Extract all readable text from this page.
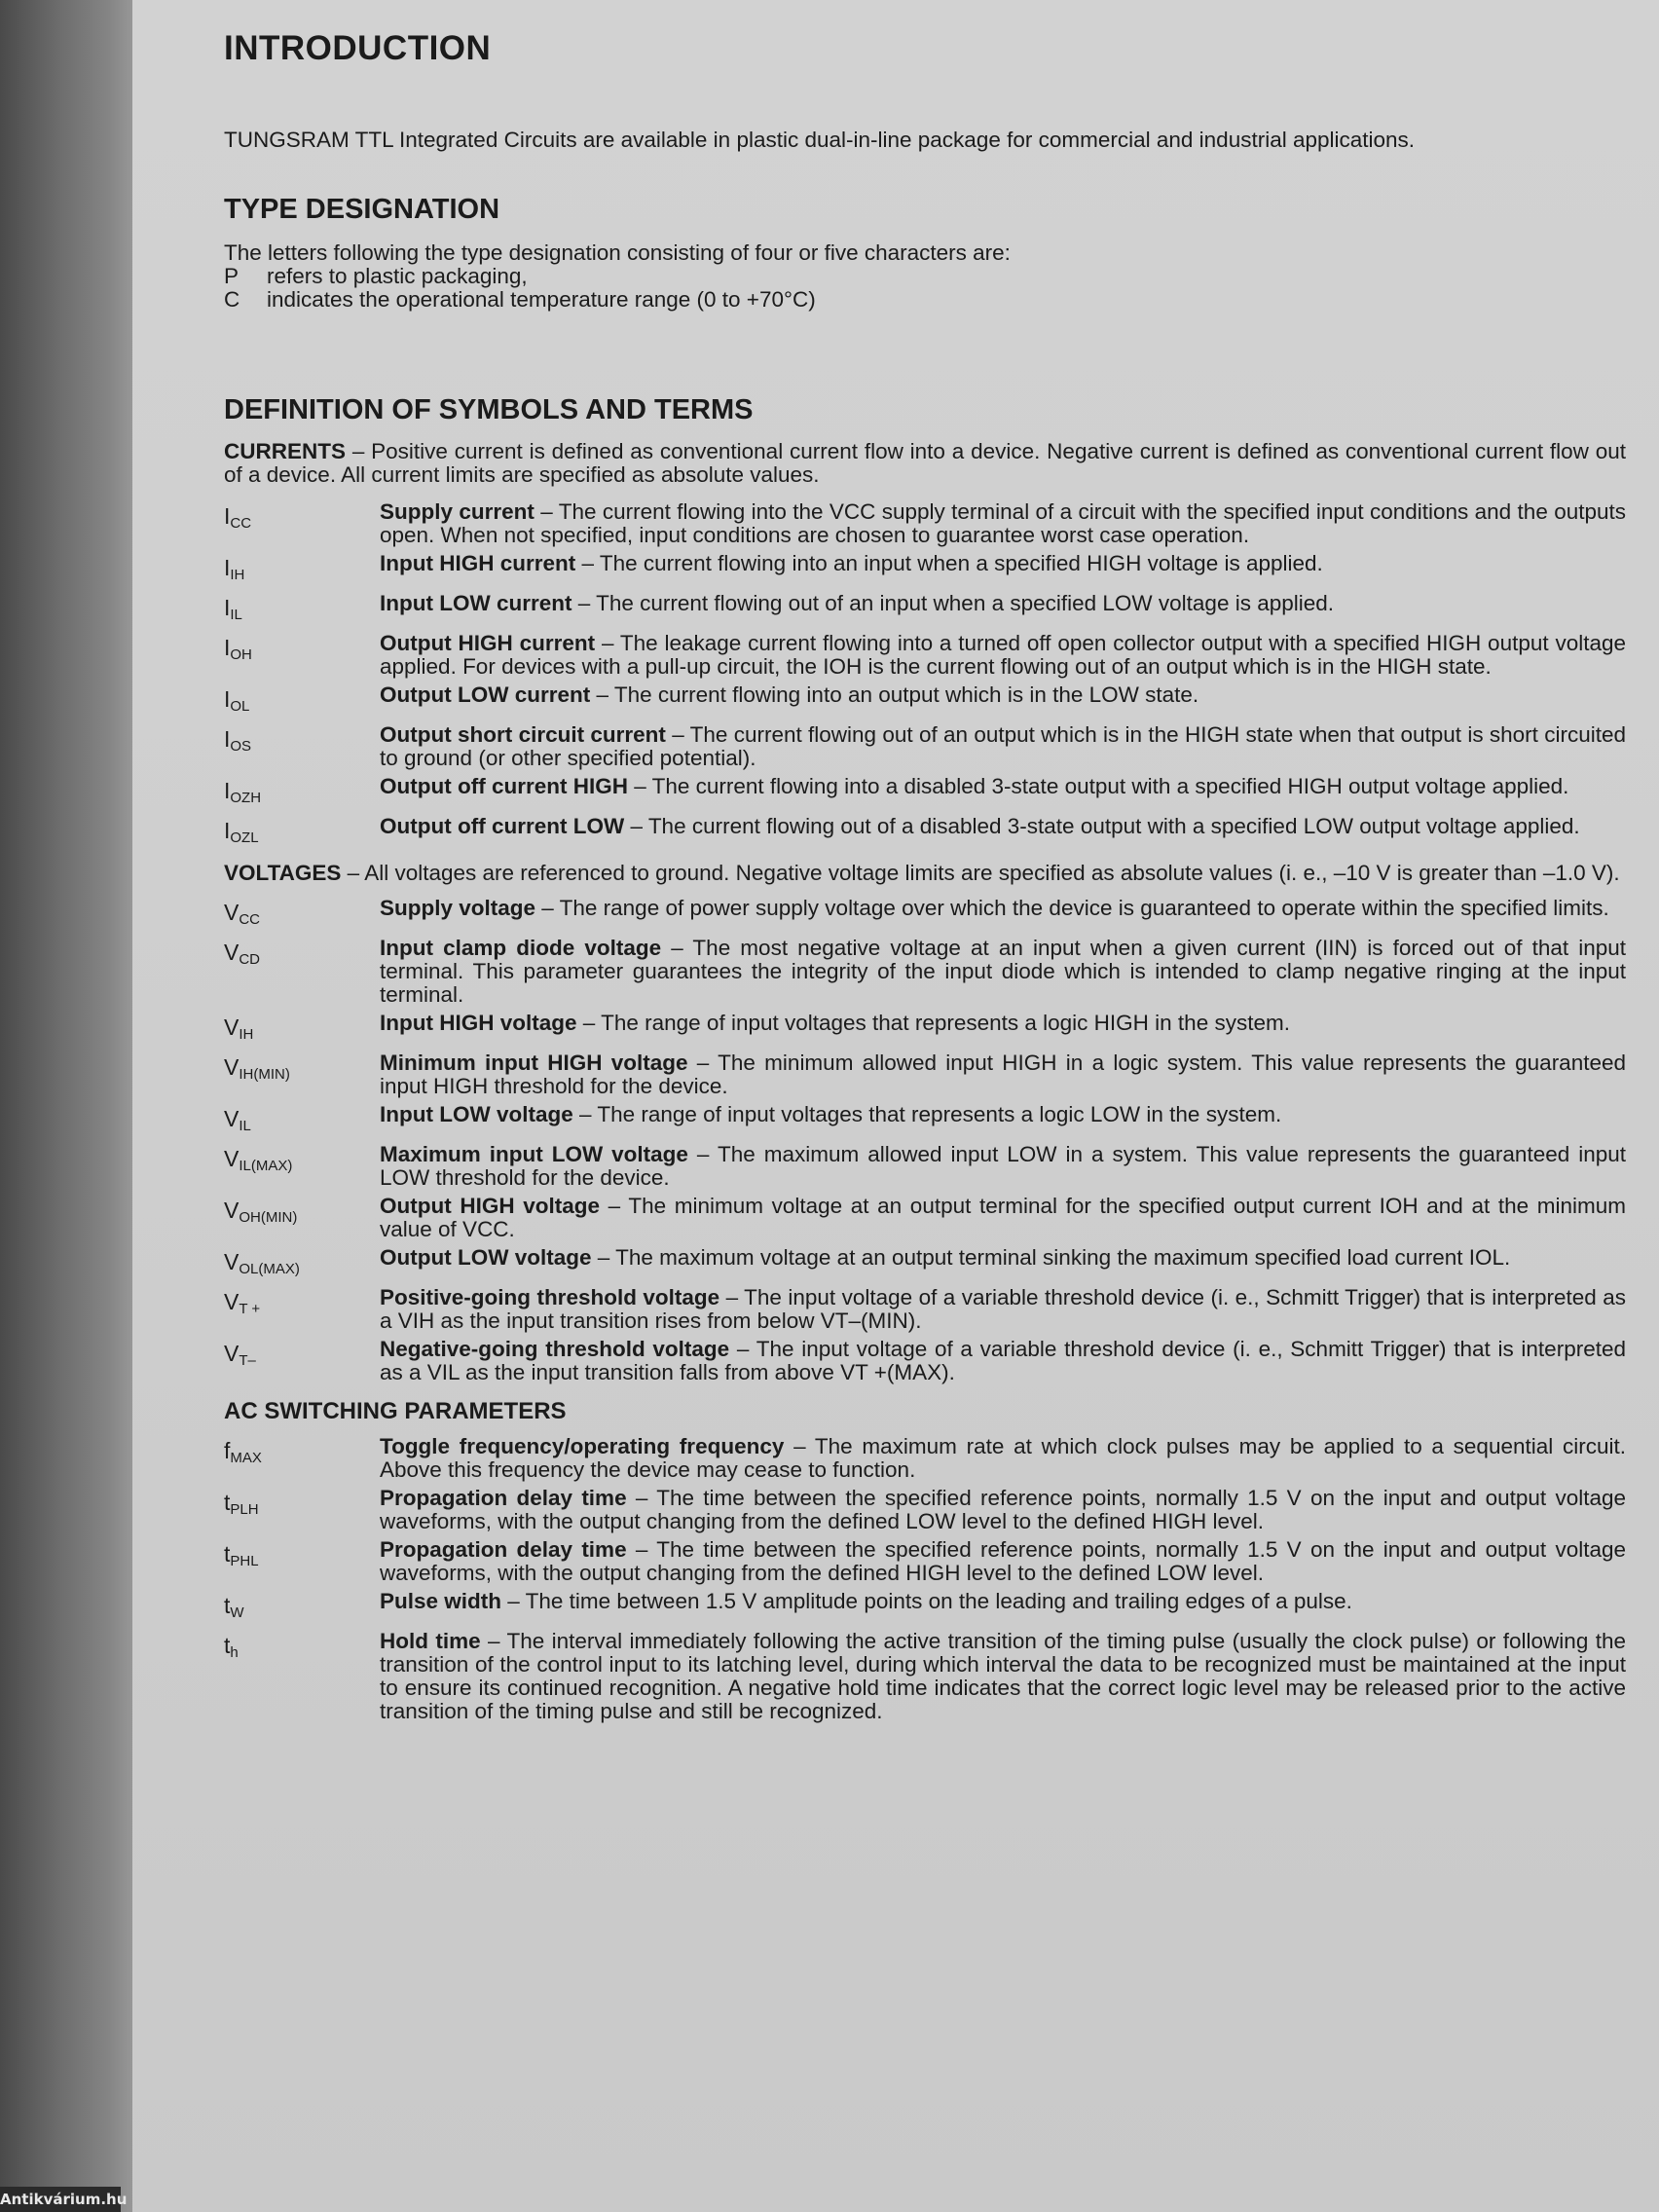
INTRODUCTION

TUNGSRAM TTL Integrated Circuits are available in plastic dual-in-line package for commercial and industrial applications.

TYPE DESIGNATION

The letters following the type designation consisting of four or five characters are:

P	refers to plastic packaging,
C	indicates the operational temperature range (0 to +70°C)
DEFINITION OF SYMBOLS AND TERMS

CURRENTS – Positive current is defined as conventional current flow into a device. Negative current is defined as conventional current flow out of a device. All current limits are specified as absolute values.

$I_{CC}$	Supply current – The current flowing into the VCC supply terminal of a circuit with the specified input conditions and the outputs open. When not specified, input conditions are chosen to guarantee worst case operation.
$I_{IH}$	Input HIGH current – The current flowing into an input when a specified HIGH voltage is applied.
$I_{IL}$	Input LOW current – The current flowing out of an input when a specified LOW voltage is applied.
$I_{OH}$	Output HIGH current – The leakage current flowing into a turned off open collector output with a specified HIGH output voltage applied. For devices with a pull-up circuit, the IOH is the current flowing out of an output which is in the HIGH state.
$I_{OL}$	Output LOW current – The current flowing into an output which is in the LOW state.
$I_{OS}$	Output short circuit current – The current flowing out of an output which is in the HIGH state when that output is short circuited to ground (or other specified potential).
$I_{OZH}$	Output off current HIGH – The current flowing into a disabled 3-state output with a specified HIGH output voltage applied.
$I_{OZL}$	Output off current LOW – The current flowing out of a disabled 3-state output with a specified LOW output voltage applied.

VOLTAGES – All voltages are referenced to ground. Negative voltage limits are specified as absolute values (i. e., –10 V is greater than –1.0 V).

$V_{CC}$	Supply voltage – The range of power supply voltage over which the device is guaranteed to operate within the specified limits.
$V_{CD}$	Input clamp diode voltage – The most negative voltage at an input when a given current (IIN) is forced out of that input terminal. This parameter guarantees the integrity of the input diode which is intended to clamp negative ringing at the input terminal.
$V_{IH}$	Input HIGH voltage – The range of input voltages that represents a logic HIGH in the system.
$V_{IH(MIN)}$	Minimum input HIGH voltage – The minimum allowed input HIGH in a logic system. This value represents the guaranteed input HIGH threshold for the device.
$V_{IL}$	Input LOW voltage – The range of input voltages that represents a logic LOW in the system.
$V_{IL(MAX)}$	Maximum input LOW voltage – The maximum allowed input LOW in a system. This value represents the guaranteed input LOW threshold for the device.
$V_{OH(MIN)}$	Output HIGH voltage – The minimum voltage at an output terminal for the specified output current IOH and at the minimum value of VCC.
$V_{OL(MAX)}$	Output LOW voltage – The maximum voltage at an output terminal sinking the maximum specified load current IOL.
$V_{T +}$	Positive-going threshold voltage – The input voltage of a variable threshold device (i. e., Schmitt Trigger) that is interpreted as a VIH as the input transition rises from below VT–(MIN).
$V_{T-}$	Negative-going threshold voltage – The input voltage of a variable threshold device (i. e., Schmitt Trigger) that is interpreted as a VIL as the input transition falls from above VT +(MAX).
AC SWITCHING PARAMETERS
$f_{MAX}$	Toggle frequency/operating frequency – The maximum rate at which clock pulses may be applied to a sequential circuit. Above this frequency the device may cease to function.
$t_{PLH}$	Propagation delay time – The time between the specified reference points, normally 1.5 V on the input and output voltage waveforms, with the output changing from the defined LOW level to the defined HIGH level.
$t_{PHL}$	Propagation delay time – The time between the specified reference points, normally 1.5 V on the input and output voltage waveforms, with the output changing from the defined HIGH level to the defined LOW level.
$t_W$	Pulse width – The time between 1.5 V amplitude points on the leading and trailing edges of a pulse.
$t_h$	Hold time – The interval immediately following the active transition of the timing pulse (usually the clock pulse) or following the transition of the control input to its latching level, during which interval the data to be recognized must be maintained at the input to ensure its continued recognition. A negative hold time indicates that the correct logic level may be released prior to the active transition of the timing pulse and still be recognized.
Antikvárium.hu
